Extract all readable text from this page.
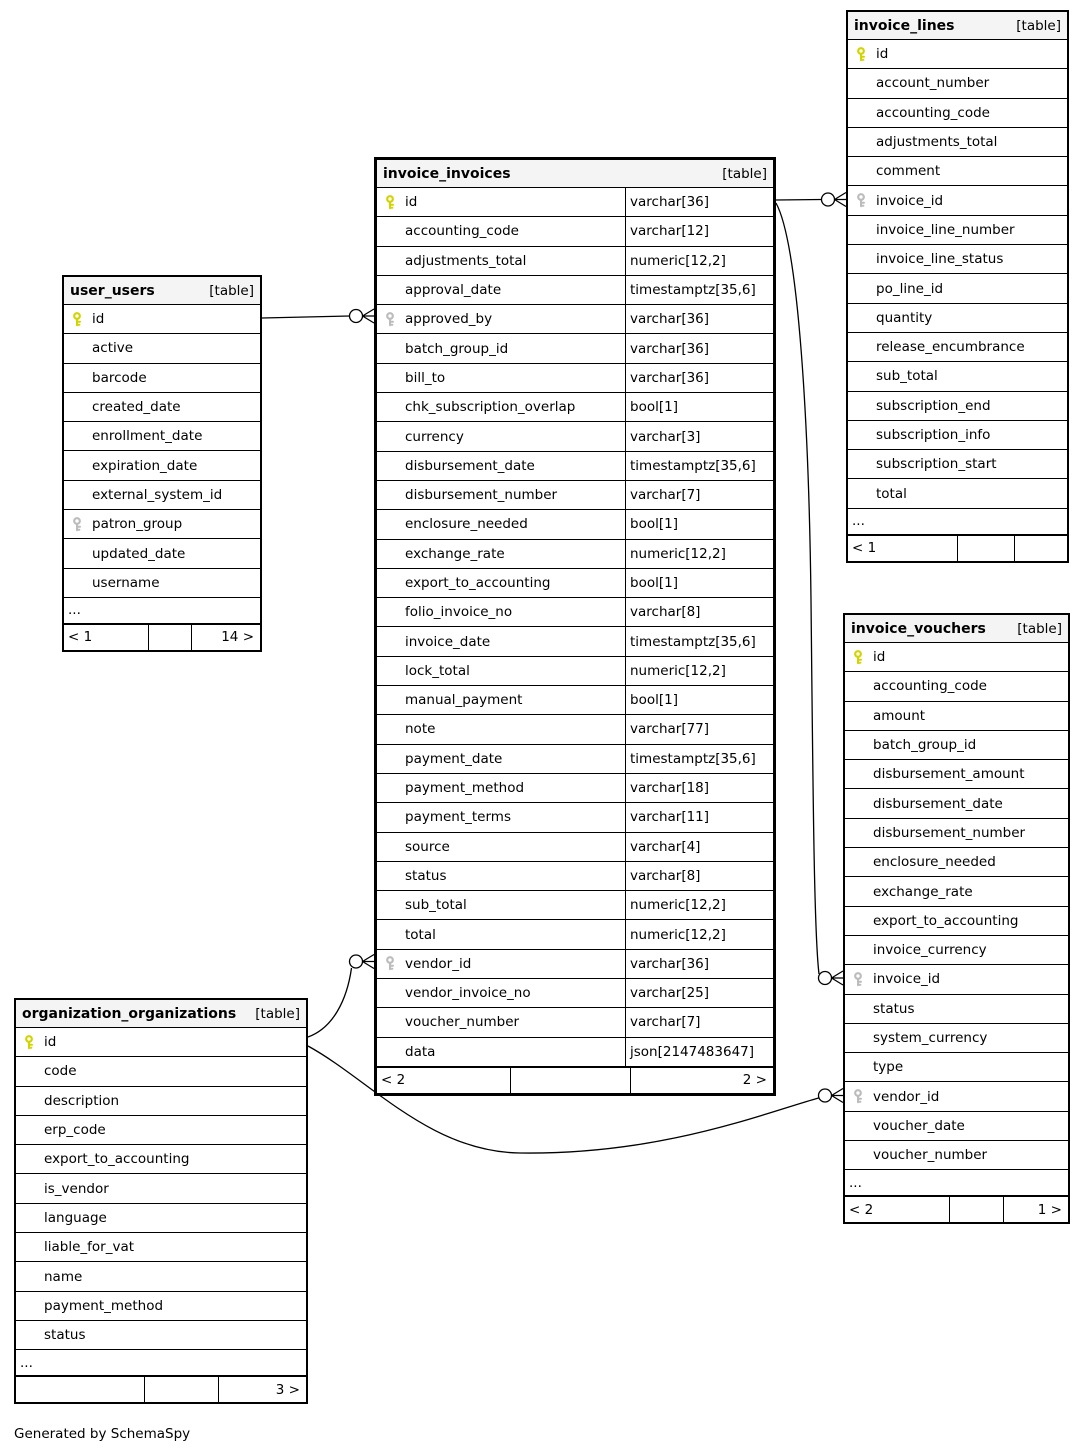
invoice_lines	[table]
id
account_number
accounting_code
adjustments_total
comment
invoice_id
invoice_line_number
invoice_line_status
po_line_id
quantity
release_encumbrance
sub_total
subscription_end
subscription_info
subscription_start
total
...
< 1
user_users	[table]
id
active
barcode
created_date
enrollment_date
expiration_date
external_system_id
patron_group
updated_date
username
...
< 1	14 >
invoice_invoices	[table]
id	varchar[36]
accounting_code	varchar[12]
adjustments_total	numeric[12,2]
approval_date	timestamptz[35,6]
approved_by	varchar[36]
batch_group_id	varchar[36]
bill_to	varchar[36]
chk_subscription_overlap	bool[1]
currency	varchar[3]
disbursement_date	timestamptz[35,6]
disbursement_number	varchar[7]
enclosure_needed	bool[1]
exchange_rate	numeric[12,2]
export_to_accounting	bool[1]
folio_invoice_no	varchar[8]
invoice_date	timestamptz[35,6]
lock_total	numeric[12,2]
manual_payment	bool[1]
note	varchar[77]
payment_date	timestamptz[35,6]
payment_method	varchar[18]
payment_terms	varchar[11]
source	varchar[4]
status	varchar[8]
sub_total	numeric[12,2]
total	numeric[12,2]
vendor_id	varchar[36]
vendor_invoice_no	varchar[25]
voucher_number	varchar[7]
data	json[2147483647]
< 2	2 >
invoice_vouchers [table]
id
accounting_code
amount
batch_group_id
disbursement_amount
disbursement_date
disbursement_number
enclosure_needed
exchange_rate
export_to_accounting
invoice_currency
invoice_id
status
system_currency
type
vendor_id
voucher_date
voucher_number
...
< 2	1 >
organization_organizations [table]
id
code
description
erp_code
export_to_accounting
is_vendor
language
liable_for_vat
name
payment_method
status
...
3 >
Generated by SchemaSpy
